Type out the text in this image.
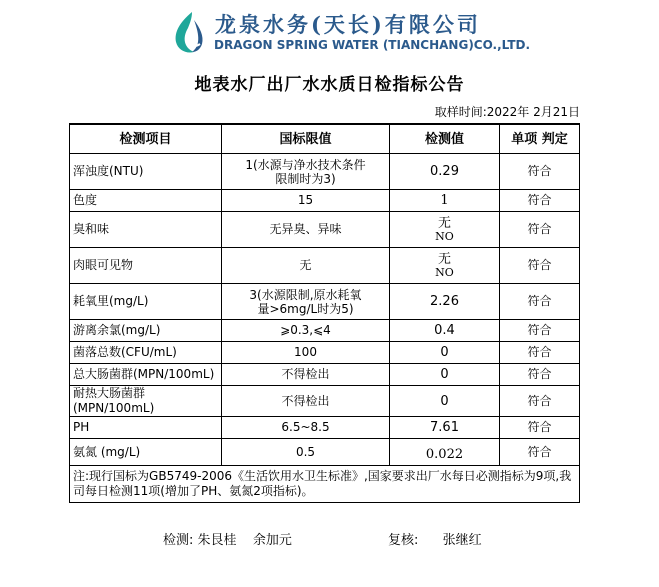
龙泉水务(天长)有限公司
DRAGON SPRING WATER (TIANCHANG)CO.,LTD.
地表水厂出厂水水质日检指标公告
取样时间:2022年 2月21日
检测项目	国标限值	检测值	单项 判定
浑浊度(NTU)	1(水源与净水技术条件
限制时为3)	0.29	符合
色度	15	1	符合
臭和味	无异臭、异味	无
NO	符合
肉眼可见物	无	无
NO	符合
耗氧里(mg/L)	3(水源限制,原水耗氧
量>6mg/L时为5)	2.26	符合
游离余氯(mg/L)	⩾0.3,⩽4	0.4	符合
菌落总数(CFU/mL)	100	0	符合
总大肠菌群(MPN/100mL)	不得检出	0	符合
耐热大肠菌群(MPN/100mL)	不得检出	0	符合
PH	6.5~8.5	7.61	符合
氨氮 (mg/L)	0.5	0.022	符合
注:现行国标为GB5749-2006《生活饮用水卫生标准》,国家要求出厂水每日必测指标为9项,我司每日检测11项(增加了PH、氨氮2项指标)。			
检测: 朱艮桂 余加元	复核: 张继红
